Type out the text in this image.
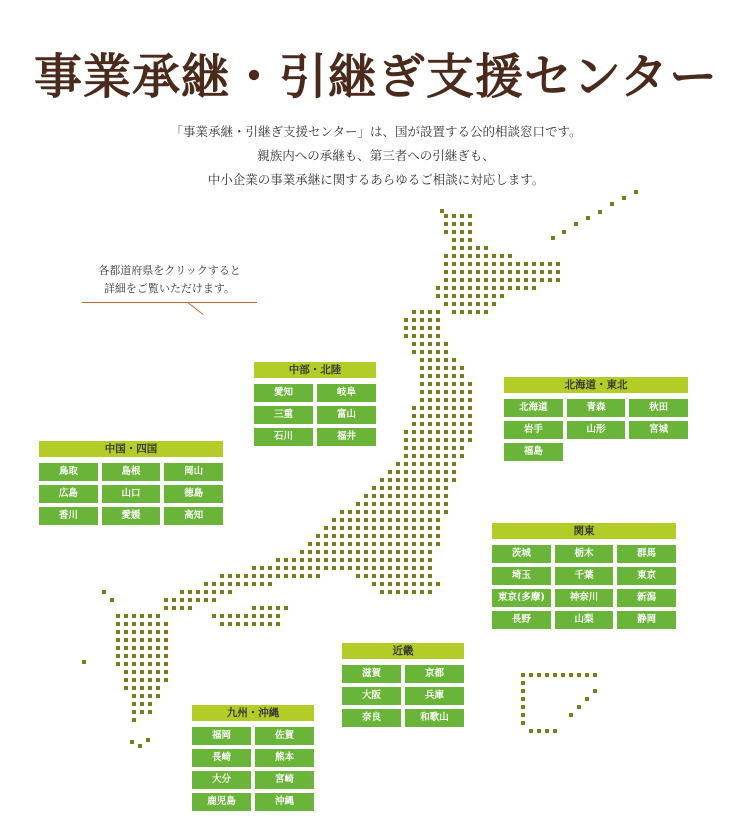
事業承継・引継ぎ支援センター
「事業承継・引継ぎ支援センター」は、国が設置する公的相談窓口です。
親族内への承継も、第三者への引継ぎも、
中小企業の事業承継に関するあらゆるご相談に対応します。
各都道府県をクリックすると
詳細をご覧いただけます。
中部・北陸
愛知	岐阜
三重	富山
石川	福井
北海道・東北
北海道	青森	秋田
岩手	山形	宮城
福島
中国・四国
鳥取	島根	岡山
広島	山口	徳島
香川	愛媛	高知
関東
茨城	栃木	群馬
埼玉	千葉	東京
東京(多摩)	神奈川	新潟
長野	山梨	静岡
近畿
滋賀	京都
大阪	兵庫
奈良	和歌山
九州・沖縄
福岡	佐賀
長崎	熊本
大分	宮崎
鹿児島	沖縄
